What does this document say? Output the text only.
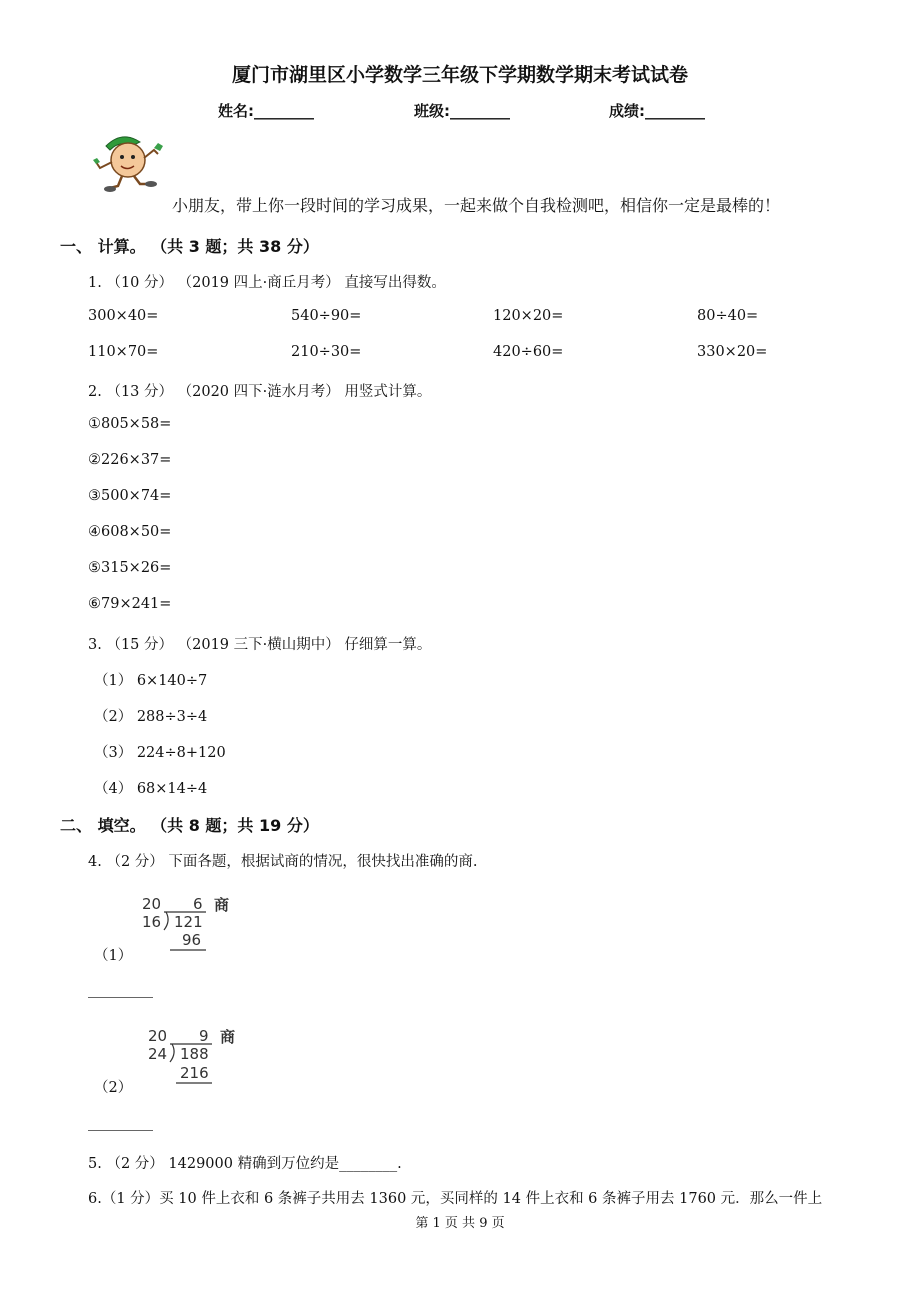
厦门市湖里区小学数学三年级下学期数学期末考试试卷
姓名:________	班级:________	成绩:________
小朋友，带上你一段时间的学习成果，一起来做个自我检测吧，相信你一定是最棒的！
一、 计算。 （共 3 题；共 38 分）
1. （10 分） （2019 四上·商丘月考） 直接写出得数。
300×40=	540÷90=	120×20=	80÷40=
110×70=	210÷30=	420÷60=	330×20=
2. （13 分） （2020 四下·涟水月考） 用竖式计算。
①805×58=
②226×37=
③500×74=
④608×50=
⑤315×26=
⑥79×241=
3. （15 分） （2019 三下·横山期中） 仔细算一算。
（1） 6×140÷7
（2） 288÷3÷4
（3） 224÷8+120
（4） 68×14÷4
二、 填空。 （共 8 题；共 19 分）
4. （2 分） 下面各题，根据试商的情况，很快找出准确的商.
20 6 商
16 121
96
（1）
20 9 商
24 188
216
（2）
5. （2 分） 1429000 精确到万位约是________.
6.（1 分）买 10 件上衣和 6 条裤子共用去 1360 元，买同样的 14 件上衣和 6 条裤子用去 1760 元．那么一件上
第 1 页 共 9 页
